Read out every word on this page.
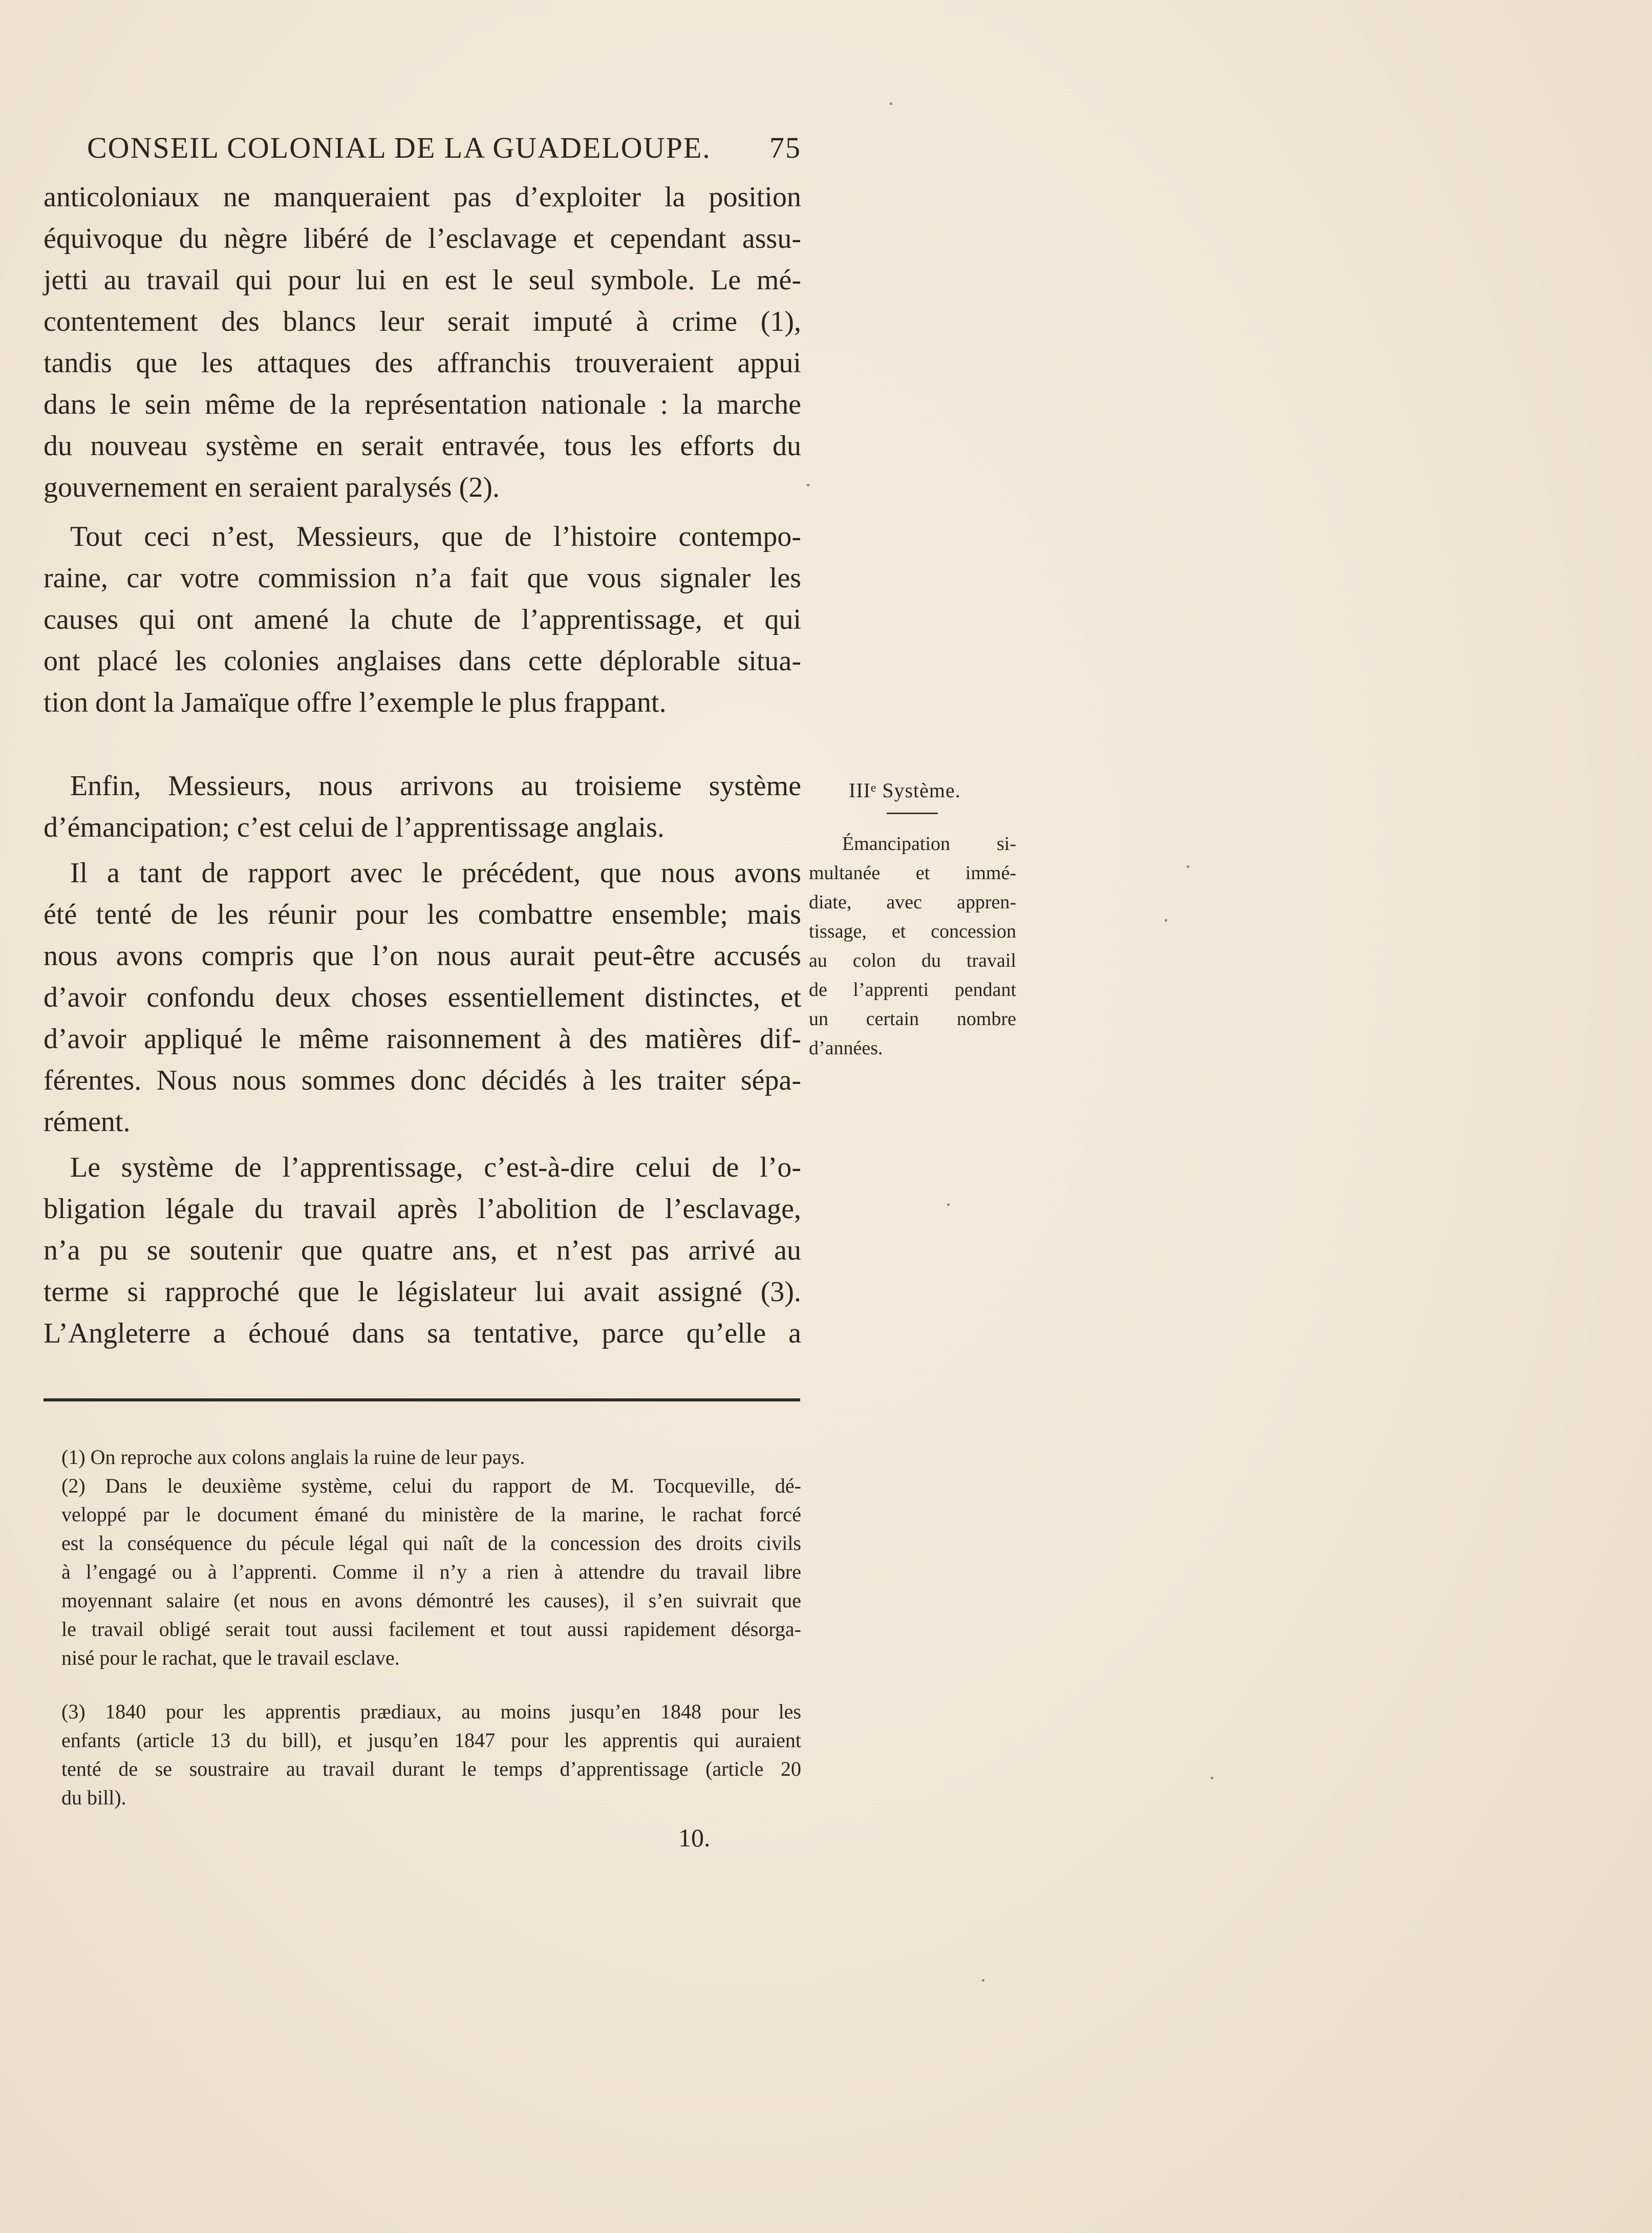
CONSEIL COLONIAL DE LA GUADELOUPE. 75
anticoloniaux ne manqueraient pas d’exploiter la position
équivoque du nègre libéré de l’esclavage et cependant assu-
jetti au travail qui pour lui en est le seul symbole. Le mé-
contentement des blancs leur serait imputé à crime (1),
tandis que les attaques des affranchis trouveraient appui
dans le sein même de la représentation nationale : la marche
du nouveau système en serait entravée, tous les efforts du
gouvernement en seraient paralysés (2).
Tout ceci n’est, Messieurs, que de l’histoire contempo-
raine, car votre commission n’a fait que vous signaler les
causes qui ont amené la chute de l’apprentissage, et qui
ont placé les colonies anglaises dans cette déplorable situa-
tion dont la Jamaïque offre l’exemple le plus frappant.
Enfin, Messieurs, nous arrivons au troisieme système
d’émancipation; c’est celui de l’apprentissage anglais.
Il a tant de rapport avec le précédent, que nous avons
été tenté de les réunir pour les combattre ensemble; mais
nous avons compris que l’on nous aurait peut-être accusés
d’avoir confondu deux choses essentiellement distinctes, et
d’avoir appliqué le même raisonnement à des matières dif-
férentes. Nous nous sommes donc décidés à les traiter sépa-
rément.
Le système de l’apprentissage, c’est-à-dire celui de l’o-
bligation légale du travail après l’abolition de l’esclavage,
n’a pu se soutenir que quatre ans, et n’est pas arrivé au
terme si rapproché que le législateur lui avait assigné (3).
L’Angleterre a échoué dans sa tentative, parce qu’elle a
IIIᵉ Système.
Émancipation si-
multanée et immé-
diate, avec appren-
tissage, et concession
au colon du travail
de l’apprenti pendant
un certain nombre
d’années.
(1) On reproche aux colons anglais la ruine de leur pays.
(2) Dans le deuxième système, celui du rapport de M. Tocqueville, dé-
veloppé par le document émané du ministère de la marine, le rachat forcé
est la conséquence du pécule légal qui naît de la concession des droits civils
à l’engagé ou à l’apprenti. Comme il n’y a rien à attendre du travail libre
moyennant salaire (et nous en avons démontré les causes), il s’en suivrait que
le travail obligé serait tout aussi facilement et tout aussi rapidement désorga-
nisé pour le rachat, que le travail esclave.
(3) 1840 pour les apprentis prædiaux, au moins jusqu’en 1848 pour les
enfants (article 13 du bill), et jusqu’en 1847 pour les apprentis qui auraient
tenté de se soustraire au travail durant le temps d’apprentissage (article 20
du bill).
10.
